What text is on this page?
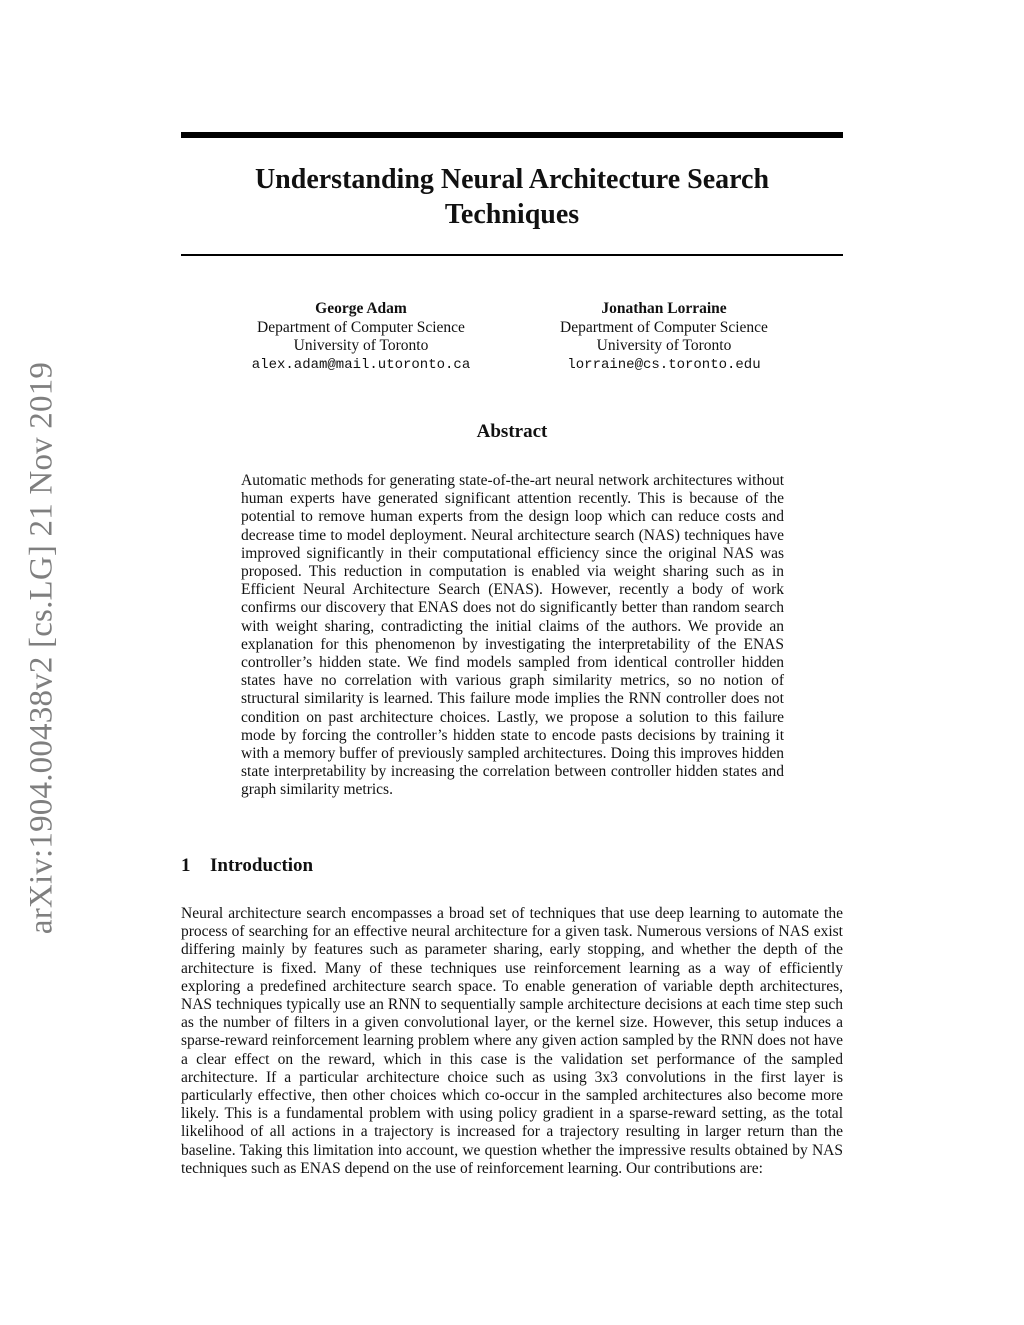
arXiv:1904.00438v2 [cs.LG] 21 Nov 2019
Understanding Neural Architecture Search
Techniques
George Adam
Department of Computer Science
University of Toronto
alex.adam@mail.utoronto.ca
Jonathan Lorraine
Department of Computer Science
University of Toronto
lorraine@cs.toronto.edu
Abstract
Automatic methods for generating state-of-the-art neural network architectures without human experts have generated significant attention recently. This is because of the potential to remove human experts from the design loop which can reduce costs and decrease time to model deployment. Neural architecture search (NAS) techniques have improved significantly in their computational efficiency since the original NAS was proposed. This reduction in computation is enabled via weight sharing such as in Efficient Neural Architecture Search (ENAS). However, recently a body of work confirms our discovery that ENAS does not do significantly better than random search with weight sharing, contradicting the initial claims of the authors. We provide an explanation for this phenomenon by investigating the interpretability of the ENAS controller’s hidden state. We find models sampled from identical controller hidden states have no correlation with various graph similarity metrics, so no notion of structural similarity is learned. This failure mode implies the RNN controller does not condition on past architecture choices. Lastly, we propose a solution to this failure mode by forcing the controller’s hidden state to encode pasts decisions by training it with a memory buffer of previously sampled architectures. Doing this improves hidden state interpretability by increasing the correlation between controller hidden states and graph similarity metrics.
1 Introduction
Neural architecture search encompasses a broad set of techniques that use deep learning to automate the process of searching for an effective neural architecture for a given task. Numerous versions of NAS exist differing mainly by features such as parameter sharing, early stopping, and whether the depth of the architecture is fixed. Many of these techniques use reinforcement learning as a way of efficiently exploring a predefined architecture search space. To enable generation of variable depth architectures, NAS techniques typically use an RNN to sequentially sample architecture decisions at each time step such as the number of filters in a given convolutional layer, or the kernel size. However, this setup induces a sparse-reward reinforcement learning problem where any given action sampled by the RNN does not have a clear effect on the reward, which in this case is the validation set performance of the sampled architecture. If a particular architecture choice such as using 3x3 convolutions in the first layer is particularly effective, then other choices which co-occur in the sampled architectures also become more likely. This is a fundamental problem with using policy gradient in a sparse-reward setting, as the total likelihood of all actions in a trajectory is increased for a trajectory resulting in larger return than the baseline. Taking this limitation into account, we question whether the impressive results obtained by NAS techniques such as ENAS depend on the use of reinforcement learning. Our contributions are:
